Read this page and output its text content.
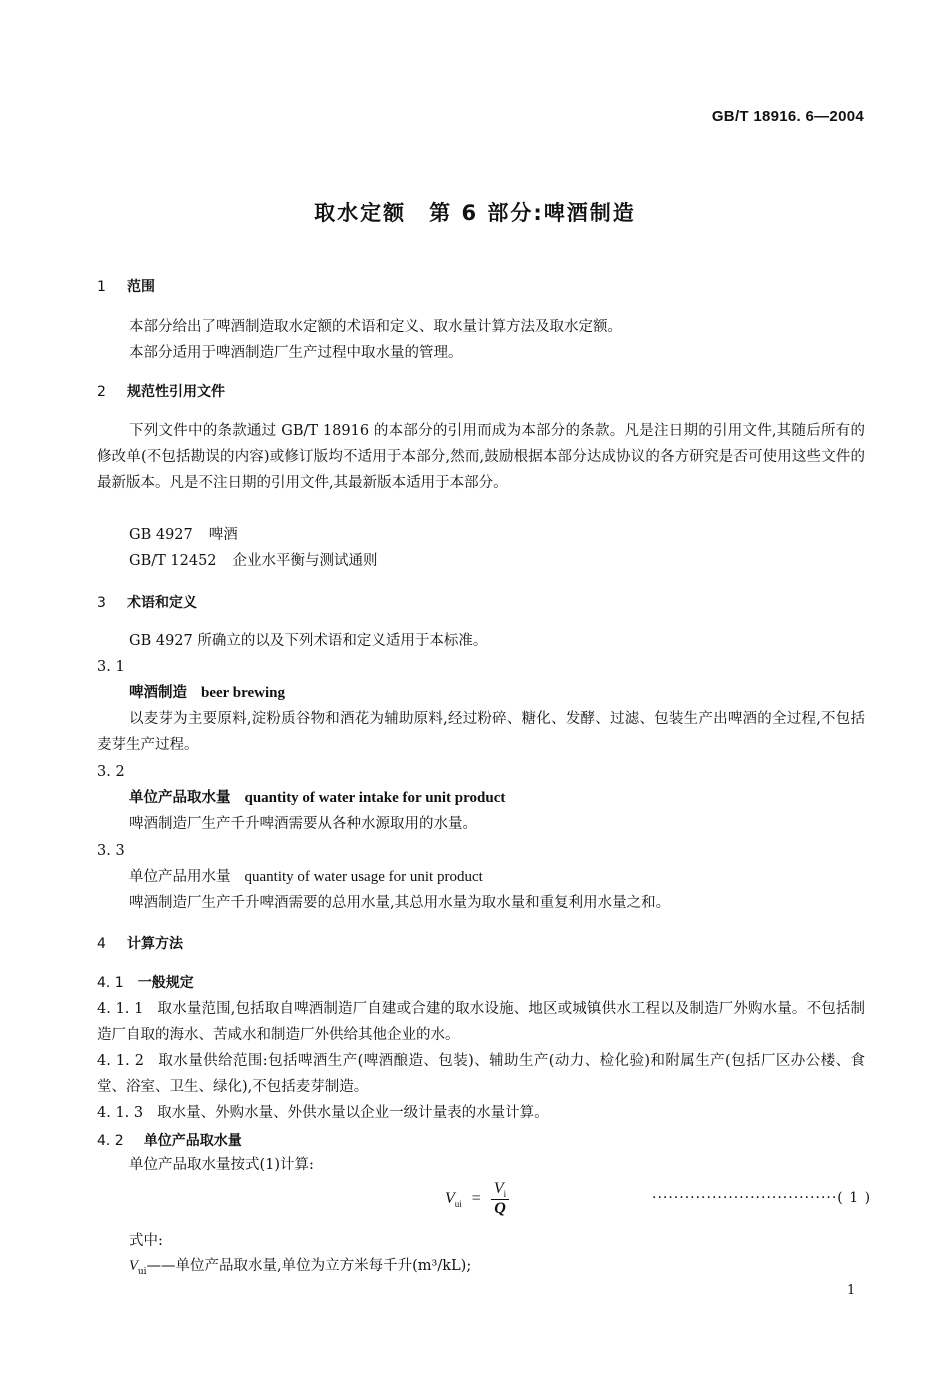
GB/T 18916. 6—2004
取水定额　第 6 部分:啤酒制造
1 范围
本部分给出了啤酒制造取水定额的术语和定义、取水量计算方法及取水定额。
本部分适用于啤酒制造厂生产过程中取水量的管理。
2 规范性引用文件
下列文件中的条款通过 GB/T 18916 的本部分的引用而成为本部分的条款。凡是注日期的引用文件,其随后所有的修改单(不包括勘误的内容)或修订版均不适用于本部分,然而,鼓励根据本部分达成协议的各方研究是否可使用这些文件的最新版本。凡是不注日期的引用文件,其最新版本适用于本部分。
GB 4927 啤酒
GB/T 12452 企业水平衡与测试通则
3 术语和定义
GB 4927 所确立的以及下列术语和定义适用于本标准。
3. 1
啤酒制造 beer brewing
以麦芽为主要原料,淀粉质谷物和酒花为辅助原料,经过粉碎、糖化、发酵、过滤、包装生产出啤酒的全过程,不包括麦芽生产过程。
3. 2
单位产品取水量 quantity of water intake for unit product
啤酒制造厂生产千升啤酒需要从各种水源取用的水量。
3. 3
单位产品用水量 quantity of water usage for unit product
啤酒制造厂生产千升啤酒需要的总用水量,其总用水量为取水量和重复利用水量之和。
4 计算方法
4. 1 一般规定
4. 1. 1 取水量范围,包括取自啤酒制造厂自建或合建的取水设施、地区或城镇供水工程以及制造厂外购水量。不包括制造厂自取的海水、苦咸水和制造厂外供给其他企业的水。
4. 1. 2 取水量供给范围:包括啤酒生产(啤酒酿造、包装)、辅助生产(动力、检化验)和附属生产(包括厂区办公楼、食堂、浴室、卫生、绿化),不包括麦芽制造。
4. 1. 3 取水量、外购水量、外供水量以企业一级计量表的水量计算。
4. 2 单位产品取水量
单位产品取水量按式(1)计算:
$V_{ui} = \frac{V_i}{Q}$	··································( 1 )
式中:
$V_{ui}——$单位产品取水量,单位为立方米每千升(m³/kL);
1
